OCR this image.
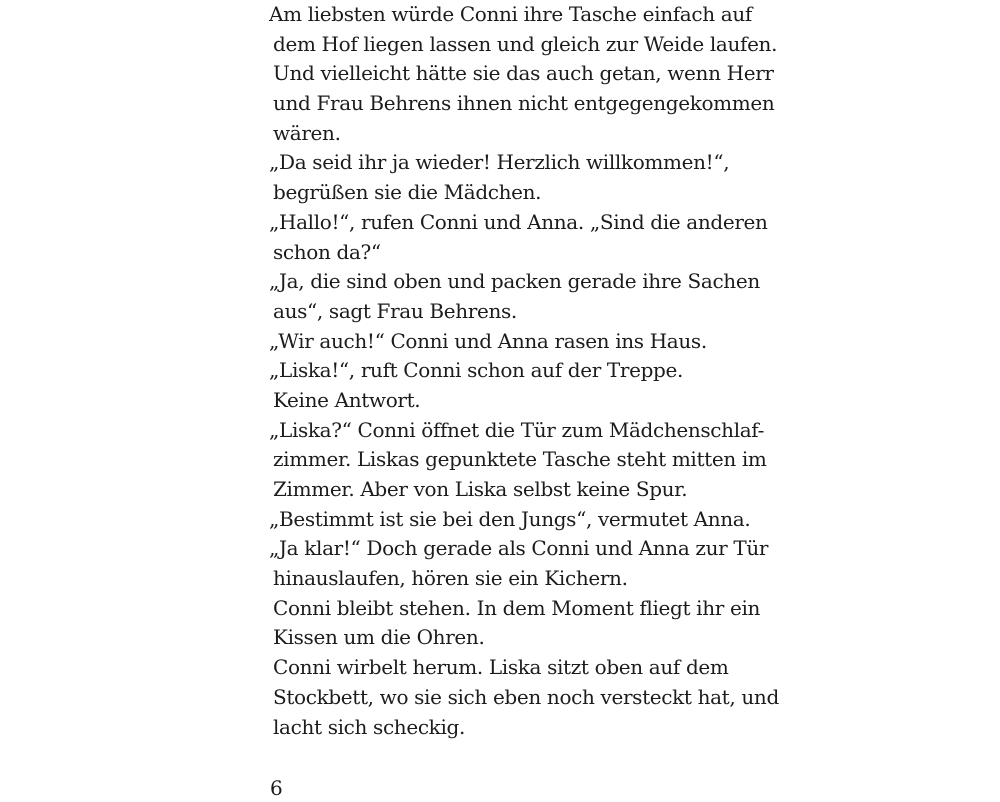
Am liebsten würde Conni ihre Tasche einfach auf
dem Hof liegen lassen und gleich zur Weide laufen.
Und vielleicht hätte sie das auch getan, wenn Herr
und Frau Behrens ihnen nicht entgegengekommen
wären.
„Da seid ihr ja wieder! Herzlich willkommen!“,
begrüßen sie die Mädchen.
„Hallo!“, rufen Conni und Anna. „Sind die anderen
schon da?“
„Ja, die sind oben und packen gerade ihre Sachen
aus“, sagt Frau Behrens.
„Wir auch!“ Conni und Anna rasen ins Haus.
„Liska!“, ruft Conni schon auf der Treppe.
Keine Antwort.
„Liska?“ Conni öffnet die Tür zum Mädchenschlaf-
zimmer. Liskas gepunktete Tasche steht mitten im
Zimmer. Aber von Liska selbst keine Spur.
„Bestimmt ist sie bei den Jungs“, vermutet Anna.
„Ja klar!“ Doch gerade als Conni und Anna zur Tür
hinauslaufen, hören sie ein Kichern.
Conni bleibt stehen. In dem Moment fliegt ihr ein
Kissen um die Ohren.
Conni wirbelt herum. Liska sitzt oben auf dem
Stockbett, wo sie sich eben noch versteckt hat, und
lacht sich scheckig.
6
